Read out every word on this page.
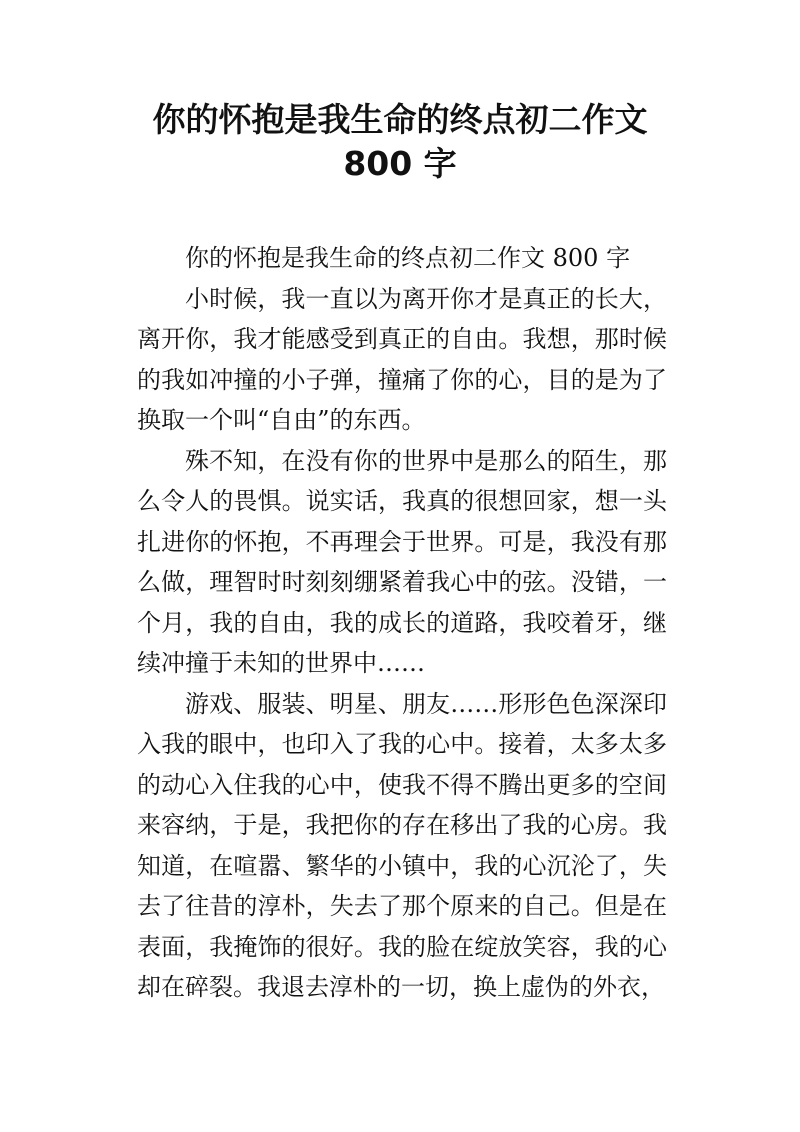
你的怀抱是我生命的终点初二作文
800 字

你的怀抱是我生命的终点初二作文 800 字

小时候，我一直以为离开你才是真正的长大，离开你，我才能感受到真正的自由。我想，那时候的我如冲撞的小子弹，撞痛了你的心，目的是为了换取一个叫“自由”的东西。

殊不知，在没有你的世界中是那么的陌生，那么令人的畏惧。说实话，我真的很想回家，想一头扎进你的怀抱，不再理会于世界。可是，我没有那么做，理智时时刻刻绷紧着我心中的弦。没错，一个月，我的自由，我的成长的道路，我咬着牙，继续冲撞于未知的世界中……

游戏、服装、明星、朋友……形形色色深深印入我的眼中，也印入了我的心中。接着，太多太多的动心入住我的心中，使我不得不腾出更多的空间来容纳，于是，我把你的存在移出了我的心房。我知道，在喧嚣、繁华的小镇中，我的心沉沦了，失去了往昔的淳朴，失去了那个原来的自己。但是在表面，我掩饰的很好。我的脸在绽放笑容，我的心却在碎裂。我退去淳朴的一切，换上虚伪的外衣，
